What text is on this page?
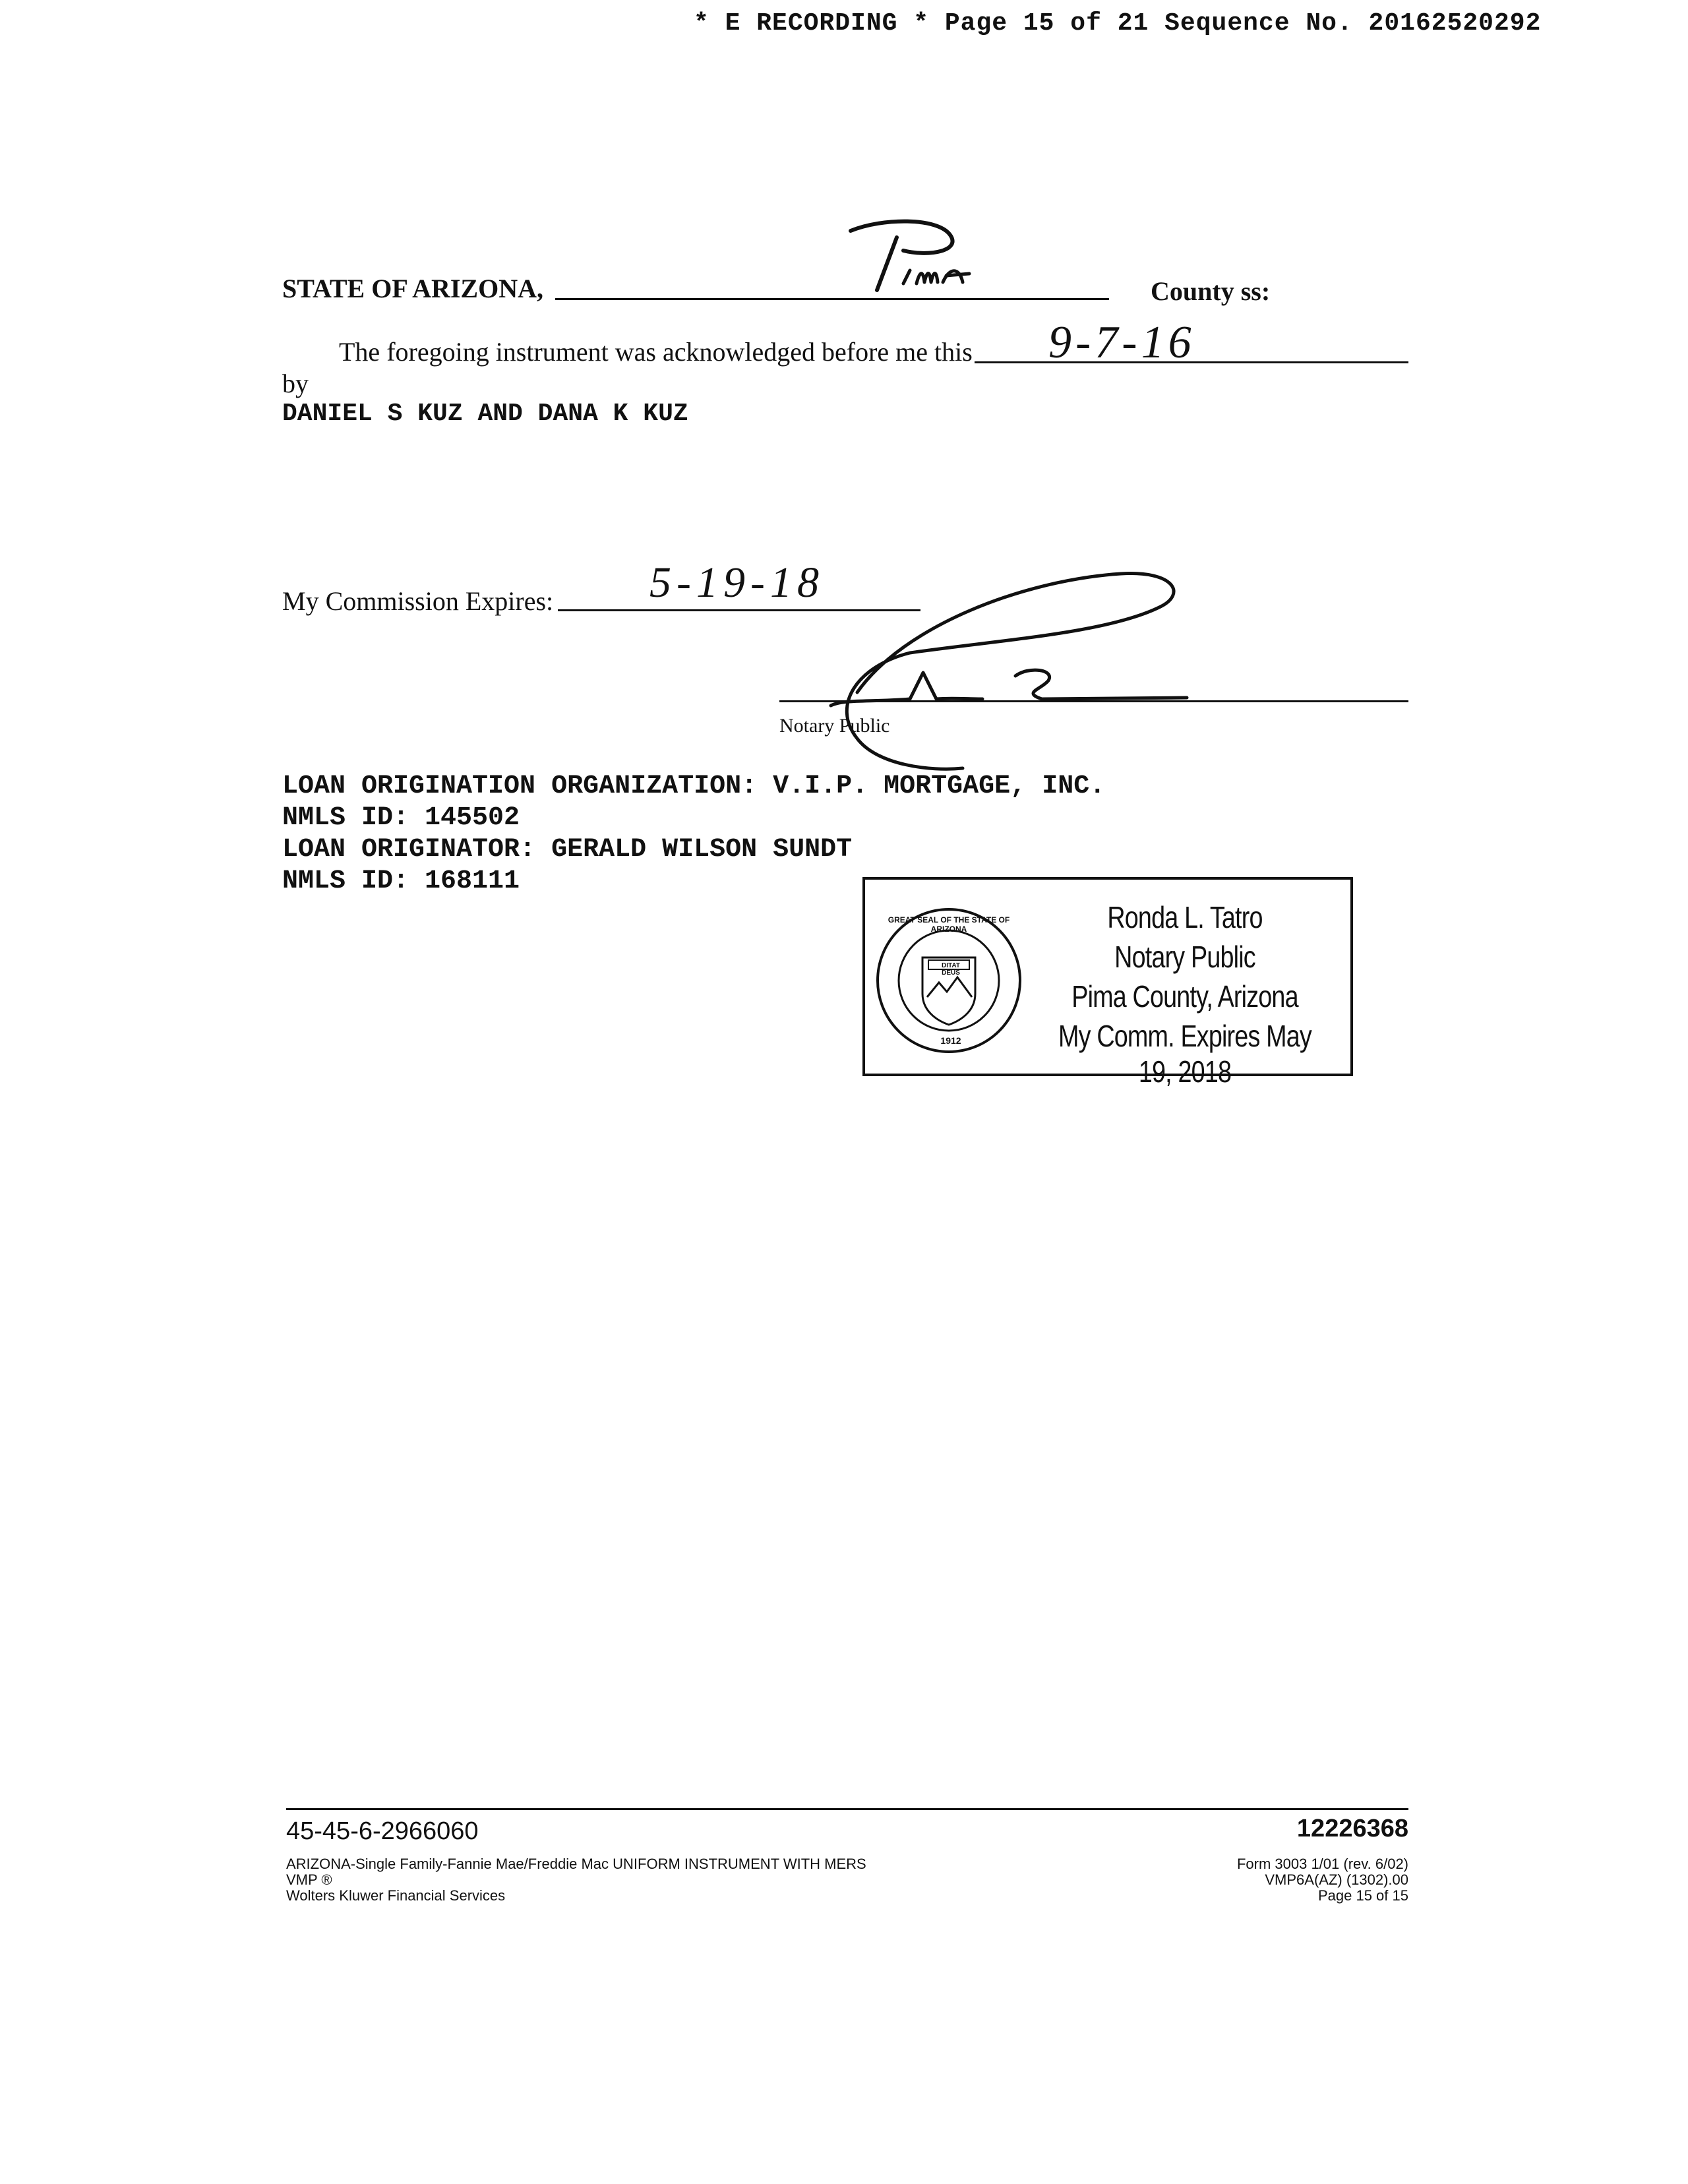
* E RECORDING * Page 15 of 21 Sequence No. 20162520292
STATE OF ARIZONA,	County ss:
The foregoing instrument was acknowledged before me this 9-7-16
by
DANIEL S KUZ AND DANA K KUZ
My Commission Expires: 5-19-18
Notary Public
LOAN ORIGINATION ORGANIZATION: V.I.P. MORTGAGE, INC.
NMLS ID: 145502
LOAN ORIGINATOR: GERALD WILSON SUNDT
NMLS ID: 168111
DITAT DEUS
1912
GREAT SEAL OF THE STATE OF ARIZONA	Ronda L. Tatro
Notary Public
Pima County, Arizona
My Comm. Expires May 19, 2018
45-45-6-2966060	12226368
ARIZONA-Single Family-Fannie Mae/Freddie Mac UNIFORM INSTRUMENT WITH MERS
VMP ®
Wolters Kluwer Financial Services
Form 3003 1/01 (rev. 6/02)
VMP6A(AZ) (1302).00
Page 15 of 15
